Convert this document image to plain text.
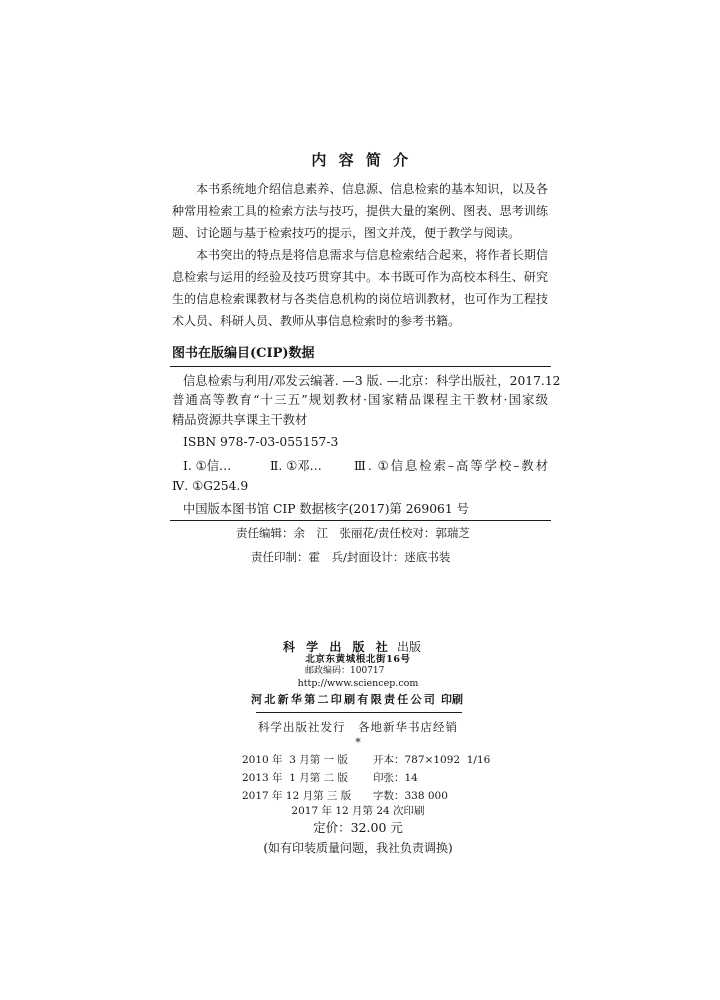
内 容 简 介
本书系统地介绍信息素养、信息源、信息检索的基本知识，以及各
种常用检索工具的检索方法与技巧，提供大量的案例、图表、思考训练
题、讨论题与基于检索技巧的提示，图文并茂，便于教学与阅读。
本书突出的特点是将信息需求与信息检索结合起来，将作者长期信
息检索与运用的经验及技巧贯穿其中。本书既可作为高校本科生、研究
生的信息检索课教材与各类信息机构的岗位培训教材，也可作为工程技
术人员、科研人员、教师从事信息检索时的参考书籍。
图书在版编目(CIP)数据
信息检索与利用/邓发云编著. —3 版. —北京：科学出版社，2017.12
普通高等教育“十三五”规划教材·国家精品课程主干教材·国家级
精品资源共享课主干教材
ISBN 978-7-03-055157-3
Ⅰ. ①信…	Ⅱ. ①邓…	Ⅲ. ①信息检索–高等学校–教材
Ⅳ. ①G254.9
中国版本图书馆 CIP 数据核字(2017)第 269061 号
责任编辑：余　江　张丽花/责任校对：郭瑞芝
责任印制：霍　兵/封面设计：迷底书装
科 学 出 版 社 出版
北京东黄城根北街16号
邮政编码：100717
http://www.sciencep.com
河北新华第二印刷有限责任公司 印刷
科学出版社发行　各地新华书店经销
*
2010 年  3 月第 一 版 开本：787×1092  1/16
2013 年  1 月第 二 版 印张：14
2017 年 12 月第 三 版 字数：338 000
2017 年 12 月第 24 次印刷
定价：32.00 元
(如有印装质量问题，我社负责调换)
